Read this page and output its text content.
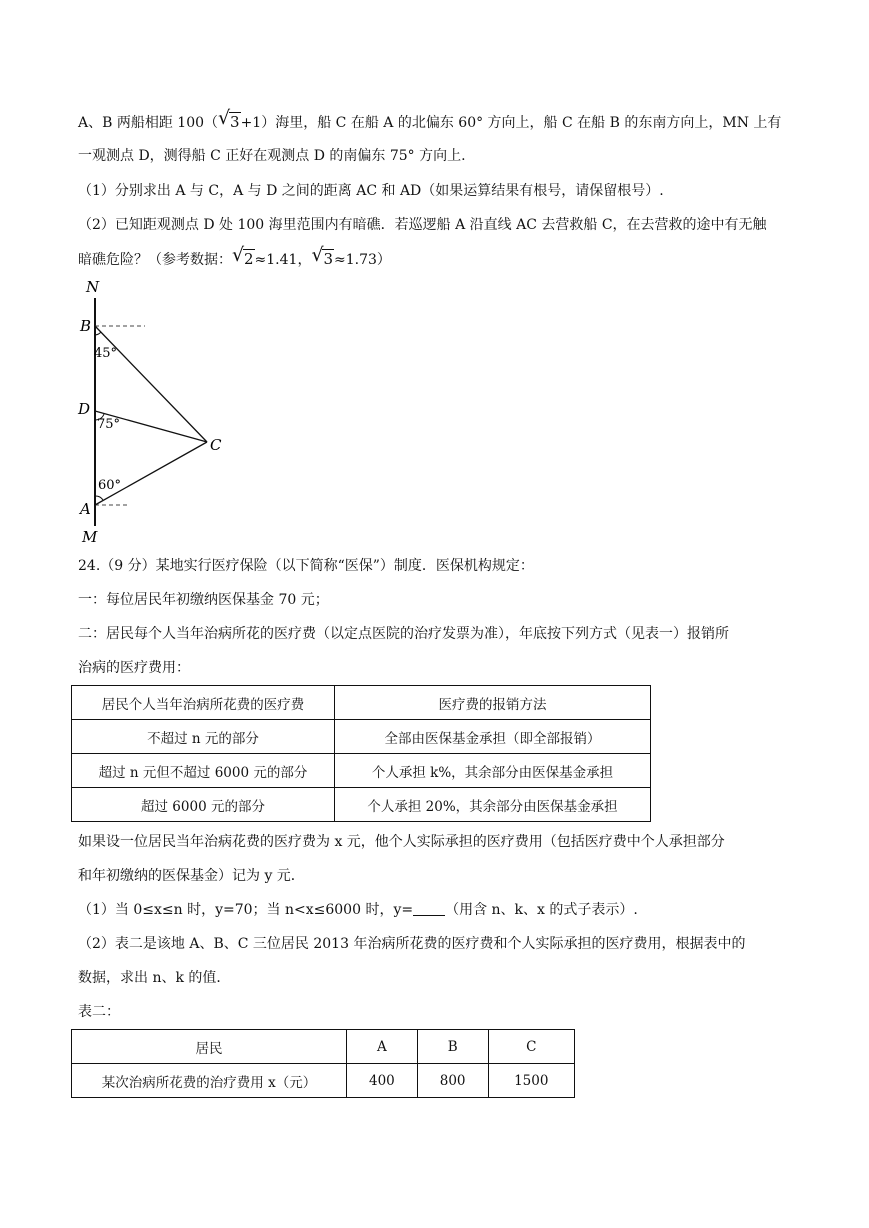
A、B 两船相距 100（ √ 3+1）海里，船 C 在船 A 的北偏东 60° 方向上，船 C 在船 B 的东南方向上，MN 上有
一观测点 D，测得船 C 正好在观测点 D 的南偏东 75° 方向上.
（1）分别求出 A 与 C，A 与 D 之间的距离 AC 和 AD（如果运算结果有根号，请保留根号）.
（2）已知距观测点 D 处 100 海里范围内有暗礁．若巡逻船 A 沿直线 AC 去营救船 C，在去营救的途中有无触
暗礁危险？（参考数据： √ 2≈1.41， √ 3≈1.73）
N
B
D
A
M
C
45°
75°
60°
24.（9 分）某地实行医疗保险（以下简称“医保”）制度．医保机构规定：
一：每位居民年初缴纳医保基金 70 元；
二：居民每个人当年治病所花的医疗费（以定点医院的治疗发票为准），年底按下列方式（见表一）报销所
治病的医疗费用：
居民个人当年治病所花费的医疗费	医疗费的报销方法
不超过 n 元的部分	全部由医保基金承担（即全部报销）
超过 n 元但不超过 6000 元的部分	个人承担 k%，其余部分由医保基金承担
超过 6000 元的部分	个人承担 20%，其余部分由医保基金承担
如果设一位居民当年治病花费的医疗费为 x 元，他个人实际承担的医疗费用（包括医疗费中个人承担部分
和年初缴纳的医保基金）记为 y 元．
（1）当 0≤x≤n 时，y=70；当 n<x≤6000 时，y= （用含 n、k、x 的式子表示）.
（2）表二是该地 A、B、C 三位居民 2013 年治病所花费的医疗费和个人实际承担的医疗费用，根据表中的
数据，求出 n、k 的值．
表二：
居民	A	B	C
某次治病所花费的治疗费用 x（元）	400	800	1500
